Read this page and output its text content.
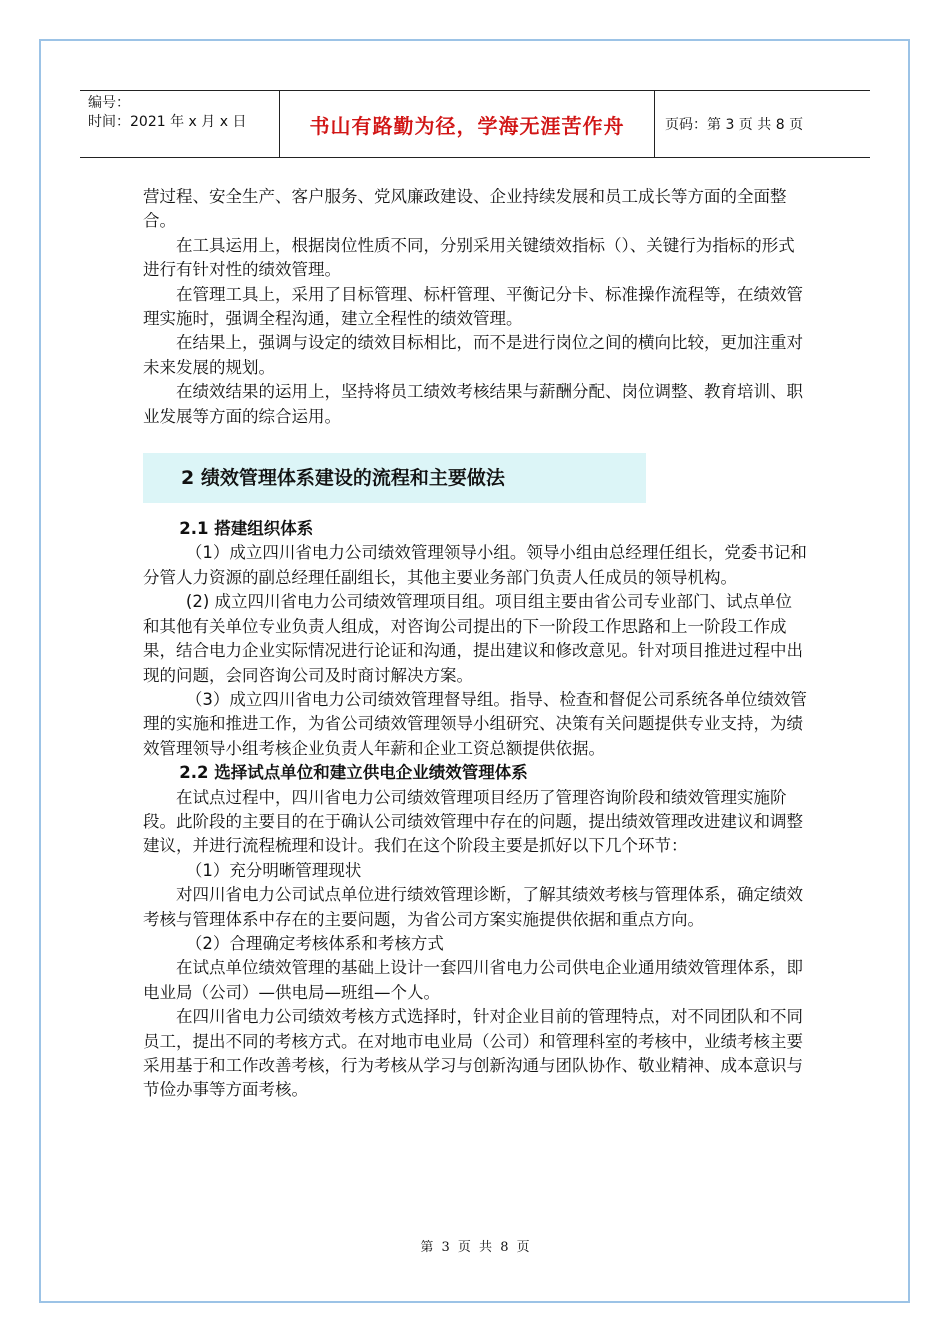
编号：
时间：2021 年 x 月 x 日	书山有路勤为径，学海无涯苦作舟	页码：第 3 页 共 8 页

营过程、安全生产、客户服务、党风廉政建设、企业持续发展和员工成长等方面的全面整合。

在工具运用上，根据岗位性质不同，分别采用关键绩效指标（）、关键行为指标的形式进行有针对性的绩效管理。

在管理工具上，采用了目标管理、标杆管理、平衡记分卡、标准操作流程等，在绩效管理实施时，强调全程沟通，建立全程性的绩效管理。

在结果上，强调与设定的绩效目标相比，而不是进行岗位之间的横向比较，更加注重对未来发展的规划。

在绩效结果的运用上，坚持将员工绩效考核结果与薪酬分配、岗位调整、教育培训、职业发展等方面的综合运用。

2 绩效管理体系建设的流程和主要做法

2.1 搭建组织体系

（1）成立四川省电力公司绩效管理领导小组。领导小组由总经理任组长，党委书记和分管人力资源的副总经理任副组长，其他主要业务部门负责人任成员的领导机构。

(2) 成立四川省电力公司绩效管理项目组。项目组主要由省公司专业部门、试点单位和其他有关单位专业负责人组成，对咨询公司提出的下一阶段工作思路和上一阶段工作成果，结合电力企业实际情况进行论证和沟通，提出建议和修改意见。针对项目推进过程中出现的问题，会同咨询公司及时商讨解决方案。

（3）成立四川省电力公司绩效管理督导组。指导、检查和督促公司系统各单位绩效管理的实施和推进工作，为省公司绩效管理领导小组研究、决策有关问题提供专业支持，为绩效管理领导小组考核企业负责人年薪和企业工资总额提供依据。

2.2 选择试点单位和建立供电企业绩效管理体系

在试点过程中，四川省电力公司绩效管理项目经历了管理咨询阶段和绩效管理实施阶段。此阶段的主要目的在于确认公司绩效管理中存在的问题，提出绩效管理改进建议和调整建议，并进行流程梳理和设计。我们在这个阶段主要是抓好以下几个环节：

（1）充分明晰管理现状

对四川省电力公司试点单位进行绩效管理诊断，了解其绩效考核与管理体系，确定绩效考核与管理体系中存在的主要问题，为省公司方案实施提供依据和重点方向。

（2）合理确定考核体系和考核方式

在试点单位绩效管理的基础上设计一套四川省电力公司供电企业通用绩效管理体系，即电业局（公司）—供电局—班组—个人。

在四川省电力公司绩效考核方式选择时，针对企业目前的管理特点，对不同团队和不同员工，提出不同的考核方式。在对地市电业局（公司）和管理科室的考核中，业绩考核主要采用基于和工作改善考核，行为考核从学习与创新沟通与团队协作、敬业精神、成本意识与节俭办事等方面考核。

第 3 页 共 8 页
